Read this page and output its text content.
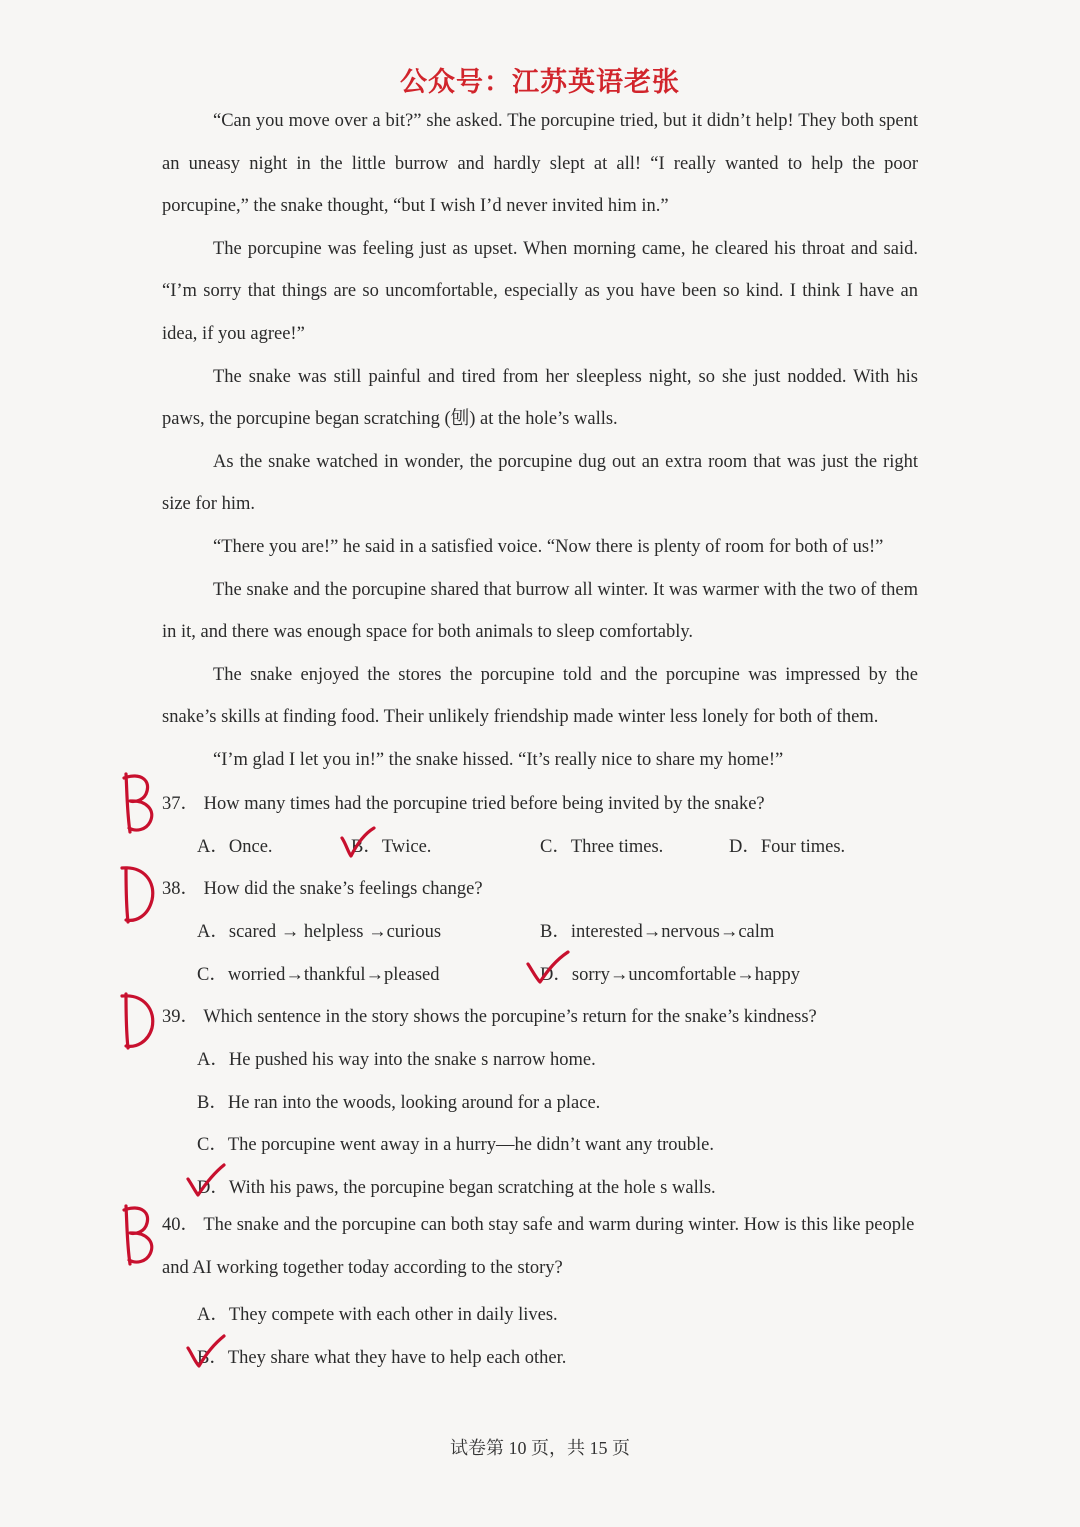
公众号：江苏英语老张

“Can you move over a bit?” she asked. The porcupine tried, but it didn’t help! They both spent an uneasy night in the little burrow and hardly slept at all! “I really wanted to help the poor porcupine,” the snake thought, “but I wish I’d never invited him in.”

The porcupine was feeling just as upset. When morning came, he cleared his throat and said. “I’m sorry that things are so uncomfortable, especially as you have been so kind. I think I have an idea, if you agree!”

The snake was still painful and tired from her sleepless night, so she just nodded. With his paws, the porcupine began scratching (刨) at the hole’s walls.

As the snake watched in wonder, the porcupine dug out an extra room that was just the right size for him.

“There you are!” he said in a satisfied voice. “Now there is plenty of room for both of us!”

The snake and the porcupine shared that burrow all winter. It was warmer with the two of them in it, and there was enough space for both animals to sleep comfortably.

The snake enjoyed the stores the porcupine told and the porcupine was impressed by the snake’s skills at finding food. Their unlikely friendship made winter less lonely for both of them.

“I’m glad I let you in!” the snake hissed. “It’s really nice to share my home!”

37． How many times had the porcupine tried before being invited by the snake?
A．Once.	B．Twice.	C．Three times.	D．Four times.
38． How did the snake’s feelings change?
A．scared → helpless →curious	B．interested→nervous→calm
C．worried→thankful→pleased	D．sorry→uncomfortable→happy
39． Which sentence in the story shows the porcupine’s return for the snake’s kindness?
A．He pushed his way into the snake s narrow home.
B．He ran into the woods, looking around for a place.
C．The porcupine went away in a hurry—he didn’t want any trouble.
D．With his paws, the porcupine began scratching at the hole s walls.
40． The snake and the porcupine can both stay safe and warm during winter. How is this like people and AI working together today according to the story?
A．They compete with each other in daily lives.
B．They share what they have to help each other.
试卷第 10 页，共 15 页
